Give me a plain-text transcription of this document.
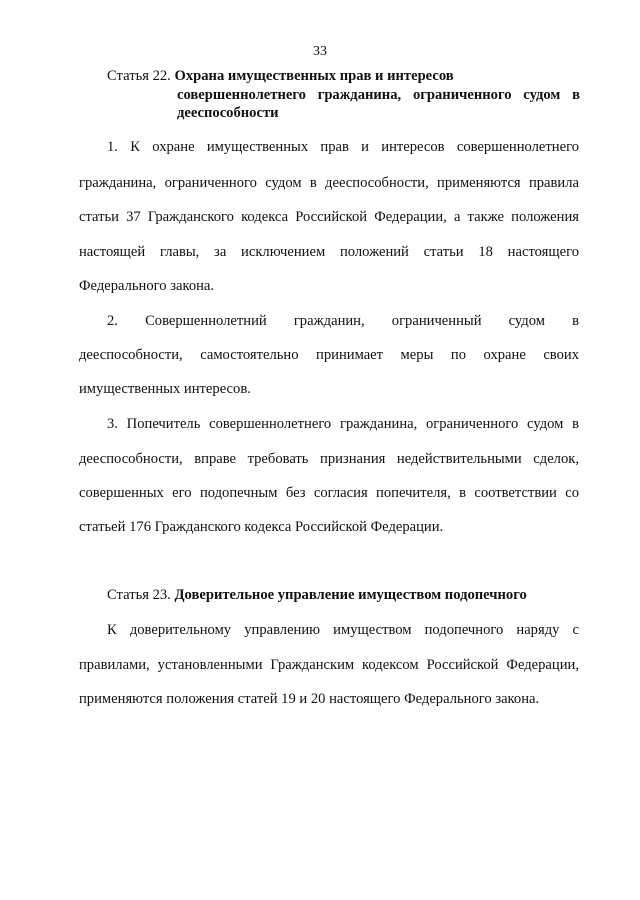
33
Статья 22. Охрана имущественных прав и интересов
совершеннолетнего гражданина, ограниченного судом в
дееспособности
1. К охране имущественных прав и интересов совершеннолетнего
гражданина, ограниченного судом в дееспособности, применяются правила
статьи 37 Гражданского кодекса Российской Федерации, а также положения
настоящей главы, за исключением положений статьи 18 настоящего
Федерального закона.
2. Совершеннолетний гражданин, ограниченный судом в
дееспособности, самостоятельно принимает меры по охране своих
имущественных интересов.
3. Попечитель совершеннолетнего гражданина, ограниченного судом в
дееспособности, вправе требовать признания недействительными сделок,
совершенных его подопечным без согласия попечителя, в соответствии со
статьей 176 Гражданского кодекса Российской Федерации.
Статья 23. Доверительное управление имуществом подопечного
К доверительному управлению имуществом подопечного наряду с
правилами, установленными Гражданским кодексом Российской Федерации,
применяются положения статей 19 и 20 настоящего Федерального закона.
